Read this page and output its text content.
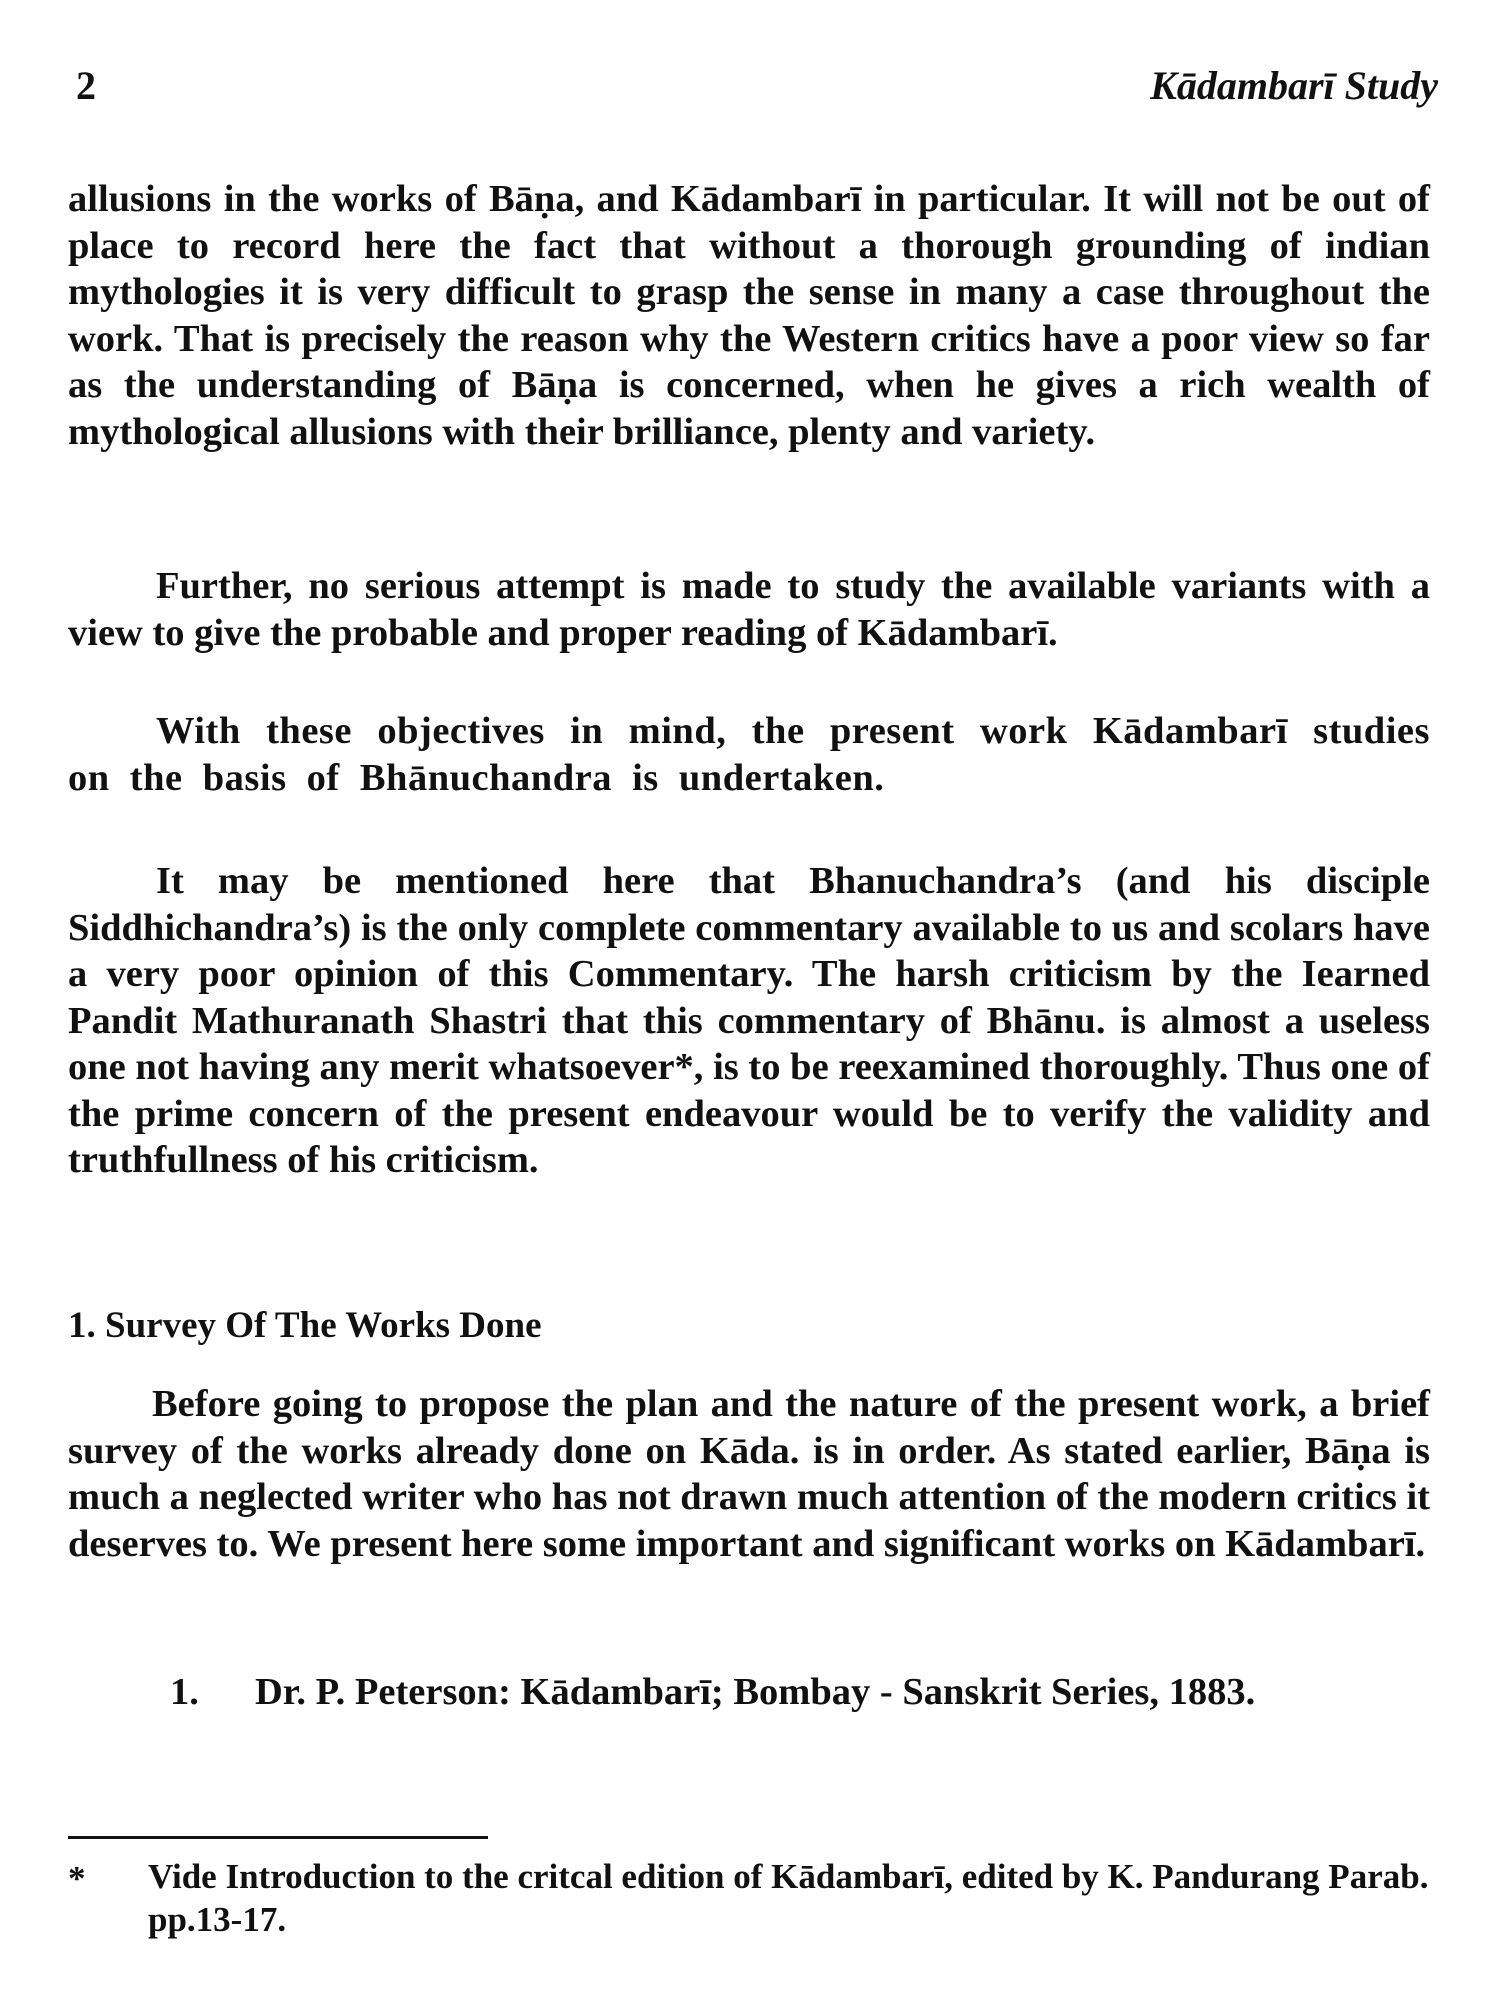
2	Kādambarī Study

allusions in the works of Bāṇa, and Kādambarī in particular. It will not be out of place to record here the fact that without a thorough grounding of indian mythologies it is very difficult to grasp the sense in many a case throughout the work. That is precisely the reason why the Western critics have a poor view so far as the understanding of Bāṇa is concerned, when he gives a rich wealth of mythological allusions with their brilliance, plenty and variety.

Further, no serious attempt is made to study the available variants with a view to give the probable and proper reading of Kādambarī.

With these objectives in mind, the present work Kādambarī studies on the basis of Bhānuchandra is undertaken.

It may be mentioned here that Bhanuchandra’s (and his disciple Siddhichandra’s) is the only complete commentary available to us and scolars have a very poor opinion of this Commentary. The harsh criticism by the Iearned Pandit Mathuranath Shastri that this commentary of Bhānu. is almost a useless one not having any merit whatsoever*, is to be reexamined thoroughly. Thus one of the prime concern of the present endeavour would be to verify the validity and truthfullness of his criticism.

1. Survey Of The Works Done

Before going to propose the plan and the nature of the present work, a brief survey of the works already done on Kāda. is in order. As stated earlier, Bāṇa is much a neglected writer who has not drawn much attention of the modern critics it deserves to. We present here some important and significant works on Kādambarī.

1. Dr. P. Peterson: Kādambarī; Bombay - Sanskrit Series, 1883.
* Vide Introduction to the critcal edition of Kādambarī, edited by K. Pandurang Parab. pp.13-17.
